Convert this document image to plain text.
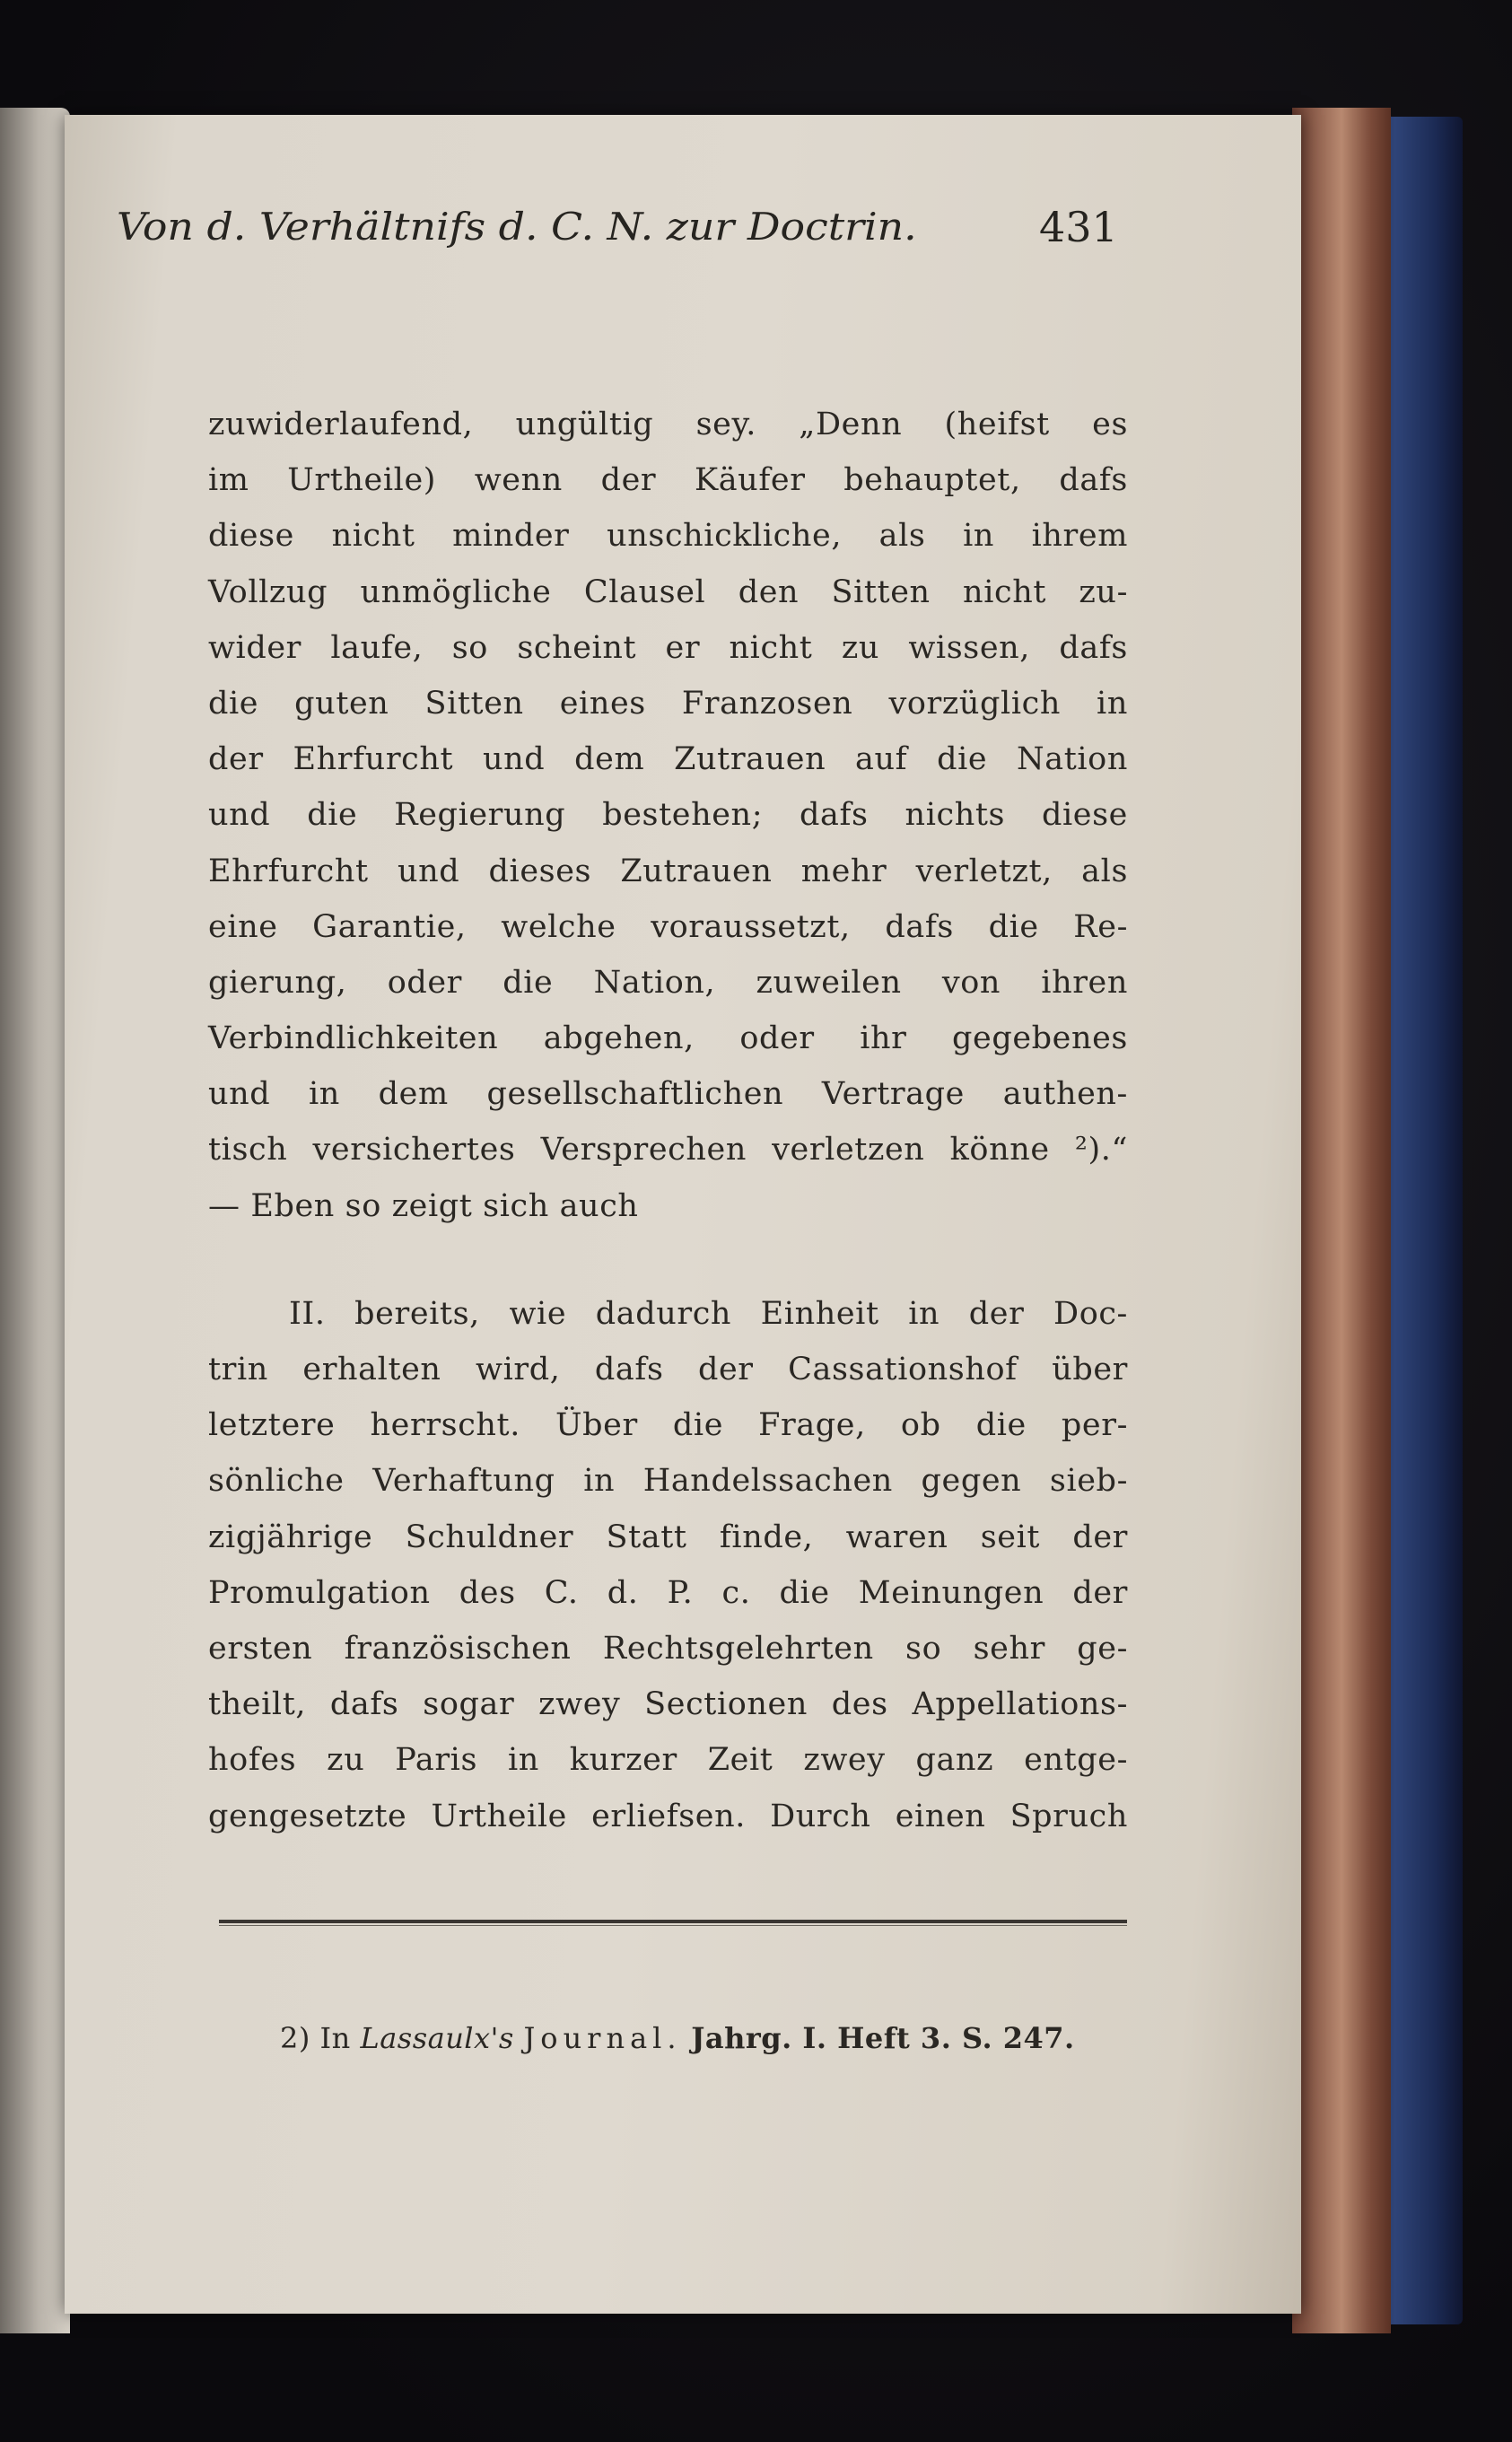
Von d. Verhältnifs d. C. N. zur Doctrin.	431
zuwiderlaufend, ungültig sey. „Denn (heifst es
im Urtheile) wenn der Käufer behauptet, dafs
diese nicht minder unschickliche, als in ihrem
Vollzug unmögliche Clausel den Sitten nicht zu-
wider laufe, so scheint er nicht zu wissen, dafs
die guten Sitten eines Franzosen vorzüglich in
der Ehrfurcht und dem Zutrauen auf die Nation
und die Regierung bestehen; dafs nichts diese
Ehrfurcht und dieses Zutrauen mehr verletzt, als
eine Garantie, welche voraussetzt, dafs die Re-
gierung, oder die Nation, zuweilen von ihren
Verbindlichkeiten abgehen, oder ihr gegebenes
und in dem gesellschaftlichen Vertrage authen-
tisch versichertes Versprechen verletzen könne ²).“
— Eben so zeigt sich auch
II. bereits, wie dadurch Einheit in der Doc-
trin erhalten wird, dafs der Cassationshof über
letztere herrscht. Über die Frage, ob die per-
sönliche Verhaftung in Handelssachen gegen sieb-
zigjährige Schuldner Statt finde, waren seit der
Promulgation des C. d. P. c. die Meinungen der
ersten französischen Rechtsgelehrten so sehr ge-
theilt, dafs sogar zwey Sectionen des Appellations-
hofes zu Paris in kurzer Zeit zwey ganz entge-
gengesetzte Urtheile erliefsen. Durch einen Spruch
2) In Lassaulx's Journal. Jahrg. I. Heft 3. S. 247.
